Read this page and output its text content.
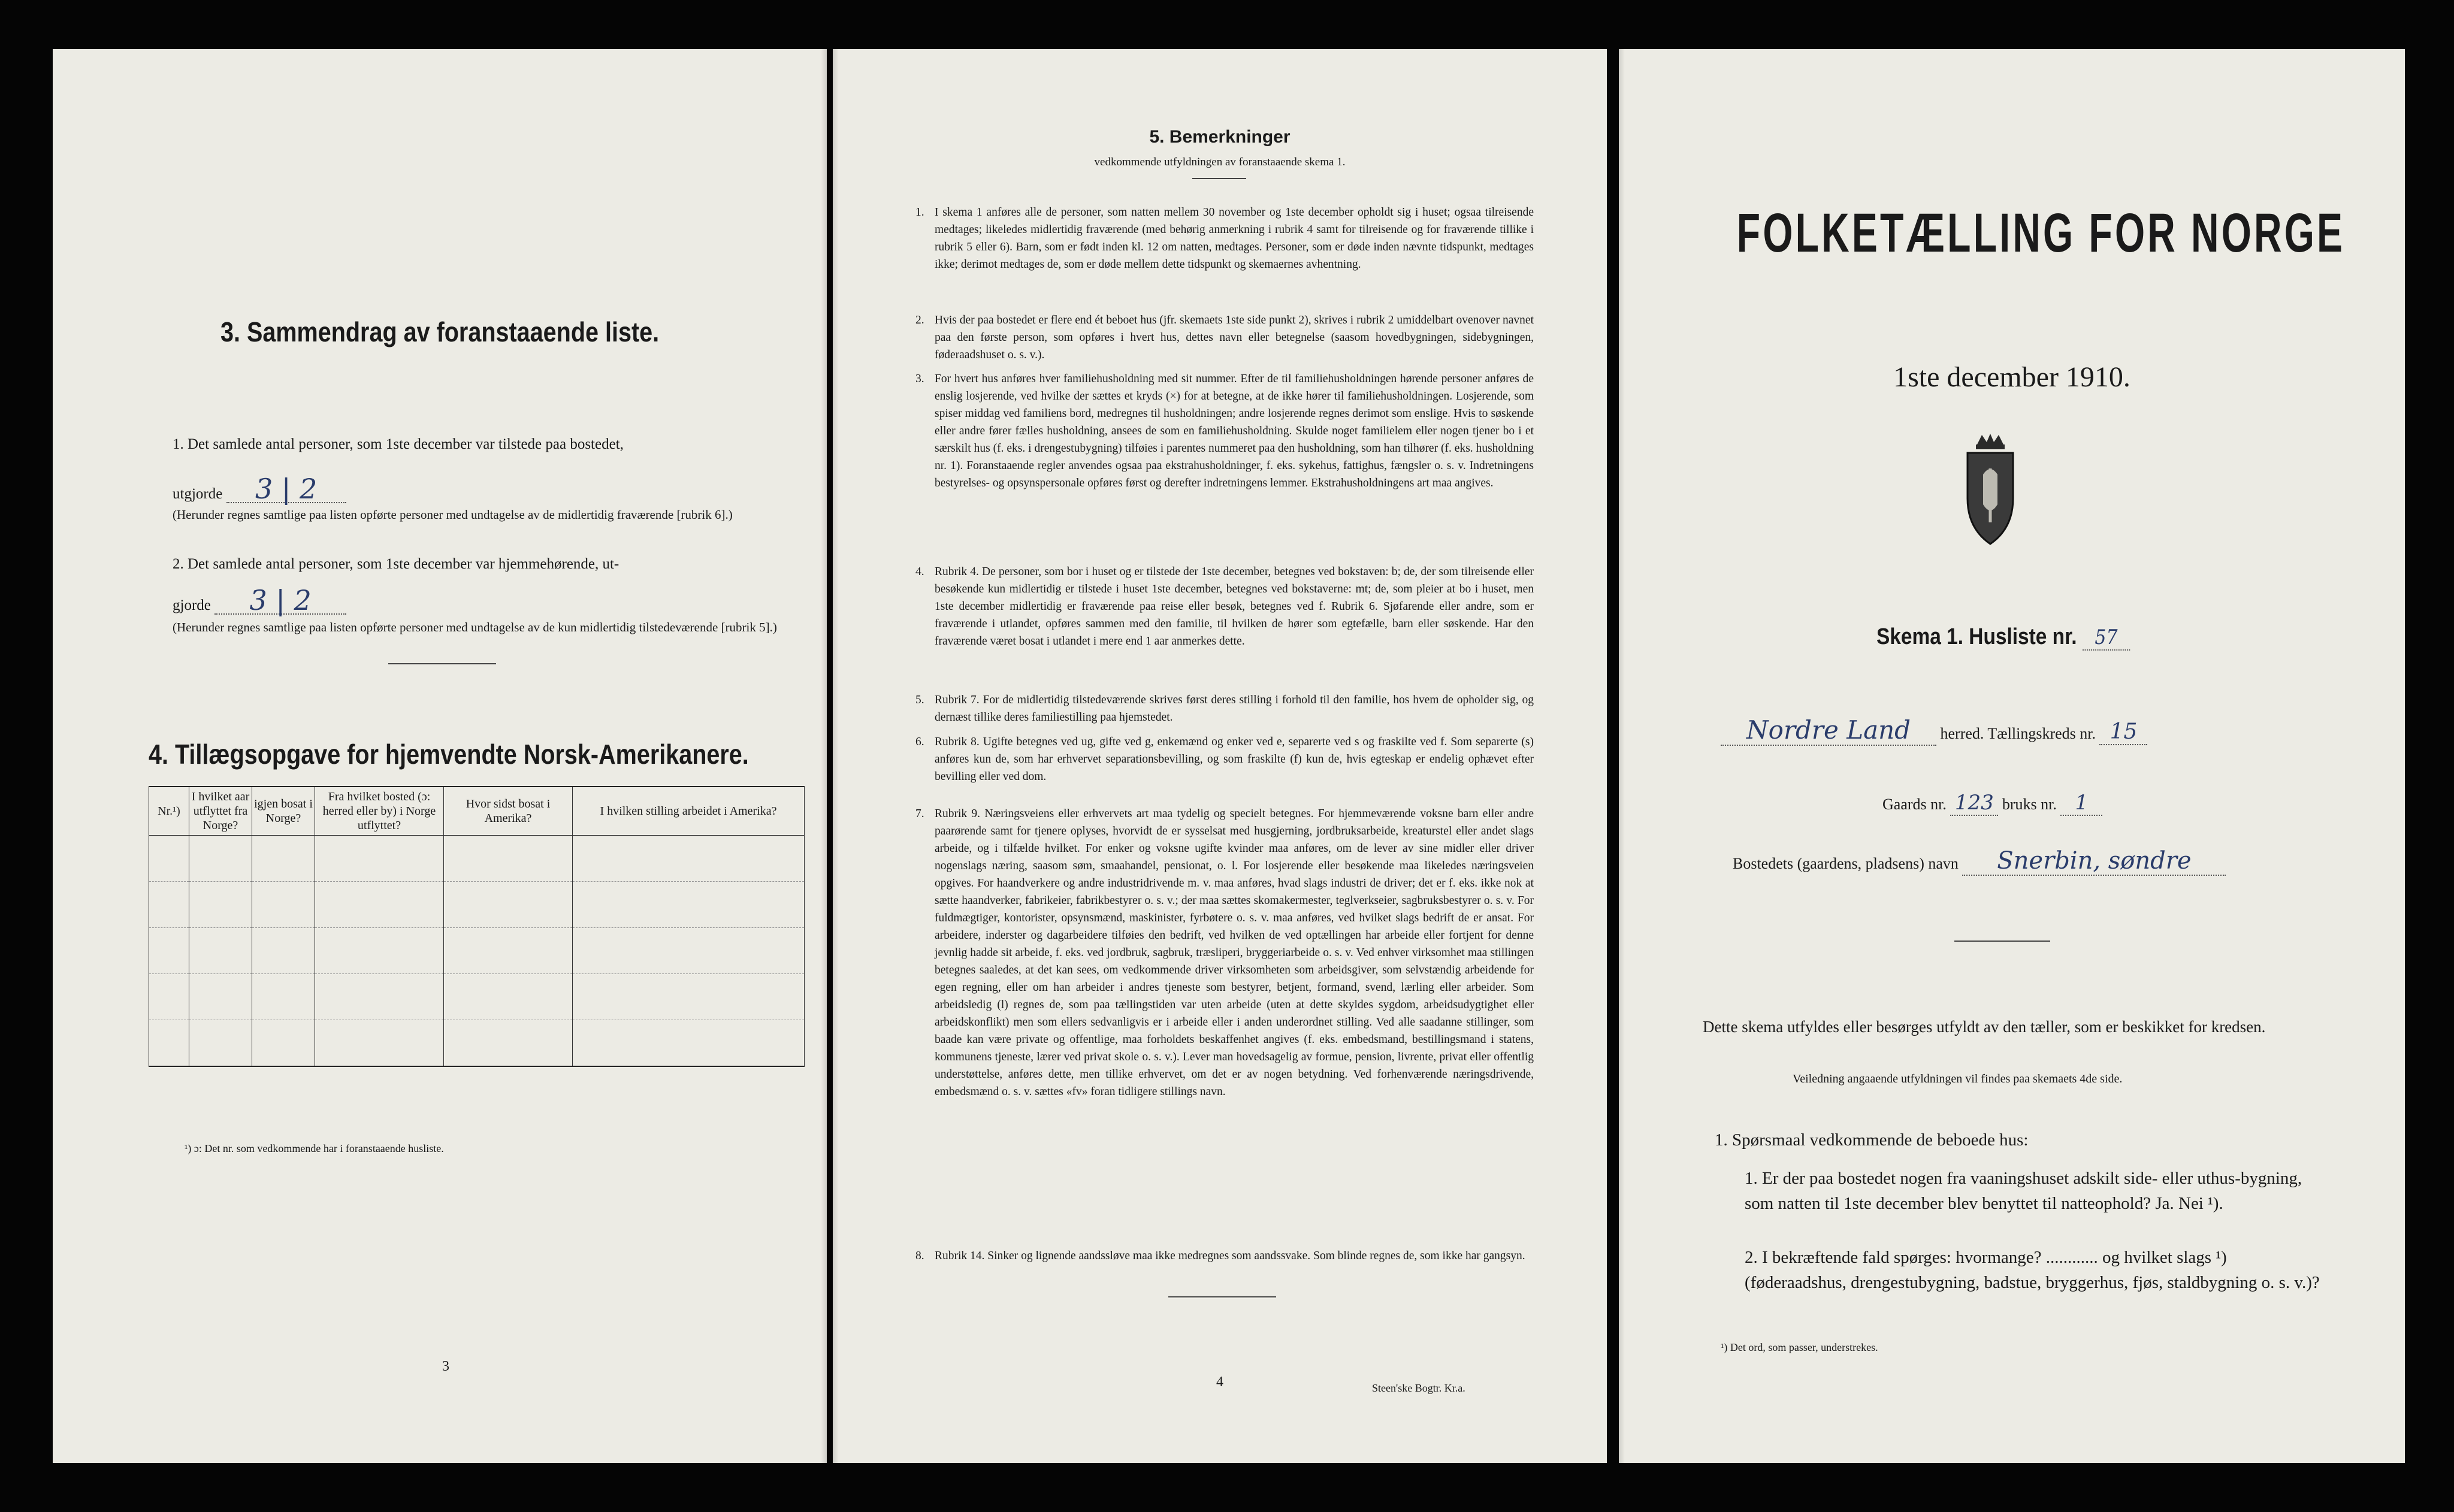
3. Sammendrag av foranstaaende liste.
1. Det samlede antal personer, som 1ste december var tilstede paa bostedet,
utgjorde 3 | 2
(Herunder regnes samtlige paa listen opførte personer med undtagelse av de midlertidig fraværende [rubrik 6].)
2. Det samlede antal personer, som 1ste december var hjemmehørende, ut-
gjorde 3 | 2
(Herunder regnes samtlige paa listen opførte personer med undtagelse av de kun midlertidig tilstedeværende [rubrik 5].)
4. Tillægsopgave for hjemvendte Norsk-Amerikanere.
Nr.¹)	I hvilket aar utflyttet fra Norge?	igjen bosat i Norge?	Fra hvilket bosted (ɔ: herred eller by) i Norge utflyttet?	Hvor sidst bosat i Amerika?	I hvilken stilling arbeidet i Amerika?

¹) ɔ: Det nr. som vedkommende har i foranstaaende husliste.
3
5. Bemerkninger
vedkommende utfyldningen av foranstaaende skema 1.
1. I skema 1 anføres alle de personer, som natten mellem 30 november og 1ste december opholdt sig i huset; ogsaa tilreisende medtages; likeledes midlertidig fraværende (med behørig anmerkning i rubrik 4 samt for tilreisende og for fraværende tillike i rubrik 5 eller 6). Barn, som er født inden kl. 12 om natten, medtages. Personer, som er døde inden nævnte tidspunkt, medtages ikke; derimot medtages de, som er døde mellem dette tidspunkt og skemaernes avhentning.
2. Hvis der paa bostedet er flere end ét beboet hus (jfr. skemaets 1ste side punkt 2), skrives i rubrik 2 umiddelbart ovenover navnet paa den første person, som opføres i hvert hus, dettes navn eller betegnelse (saasom hovedbygningen, sidebygningen, føderaadshuset o. s. v.).
3. For hvert hus anføres hver familiehusholdning med sit nummer. Efter de til familiehusholdningen hørende personer anføres de enslig losjerende, ved hvilke der sættes et kryds (×) for at betegne, at de ikke hører til familiehusholdningen. Losjerende, som spiser middag ved familiens bord, medregnes til husholdningen; andre losjerende regnes derimot som enslige. Hvis to søskende eller andre fører fælles husholdning, ansees de som en familiehusholdning. Skulde noget familielem eller nogen tjener bo i et særskilt hus (f. eks. i drengestubygning) tilføies i parentes nummeret paa den husholdning, som han tilhører (f. eks. husholdning nr. 1). Foranstaaende regler anvendes ogsaa paa ekstrahusholdninger, f. eks. sykehus, fattighus, fængsler o. s. v. Indretningens bestyrelses- og opsynspersonale opføres først og derefter indretningens lemmer. Ekstrahusholdningens art maa angives.
4. Rubrik 4. De personer, som bor i huset og er tilstede der 1ste december, betegnes ved bokstaven: b; de, der som tilreisende eller besøkende kun midlertidig er tilstede i huset 1ste december, betegnes ved bokstaverne: mt; de, som pleier at bo i huset, men 1ste december midlertidig er fraværende paa reise eller besøk, betegnes ved f. Rubrik 6. Sjøfarende eller andre, som er fraværende i utlandet, opføres sammen med den familie, til hvilken de hører som egtefælle, barn eller søskende. Har den fraværende været bosat i utlandet i mere end 1 aar anmerkes dette.
5. Rubrik 7. For de midlertidig tilstedeværende skrives først deres stilling i forhold til den familie, hos hvem de opholder sig, og dernæst tillike deres familiestilling paa hjemstedet.
6. Rubrik 8. Ugifte betegnes ved ug, gifte ved g, enkemænd og enker ved e, separerte ved s og fraskilte ved f. Som separerte (s) anføres kun de, som har erhvervet separationsbevilling, og som fraskilte (f) kun de, hvis egteskap er endelig ophævet efter bevilling eller ved dom.
7. Rubrik 9. Næringsveiens eller erhvervets art maa tydelig og specielt betegnes. For hjemmeværende voksne barn eller andre paarørende samt for tjenere oplyses, hvorvidt de er sysselsat med husgjerning, jordbruksarbeide, kreaturstel eller andet slags arbeide, og i tilfælde hvilket. For enker og voksne ugifte kvinder maa anføres, om de lever av sine midler eller driver nogenslags næring, saasom søm, smaahandel, pensionat, o. l. For losjerende eller besøkende maa likeledes næringsveien opgives. For haandverkere og andre industridrivende m. v. maa anføres, hvad slags industri de driver; det er f. eks. ikke nok at sætte haandverker, fabrikeier, fabrikbestyrer o. s. v.; der maa sættes skomakermester, teglverkseier, sagbruksbestyrer o. s. v. For fuldmægtiger, kontorister, opsynsmænd, maskinister, fyrbøtere o. s. v. maa anføres, ved hvilket slags bedrift de er ansat. For arbeidere, inderster og dagarbeidere tilføies den bedrift, ved hvilken de ved optællingen har arbeide eller fortjent for denne jevnlig hadde sit arbeide, f. eks. ved jordbruk, sagbruk, træsliperi, bryggeriarbeide o. s. v. Ved enhver virksomhet maa stillingen betegnes saaledes, at det kan sees, om vedkommende driver virksomheten som arbeidsgiver, som selvstændig arbeidende for egen regning, eller om han arbeider i andres tjeneste som bestyrer, betjent, formand, svend, lærling eller arbeider. Som arbeidsledig (l) regnes de, som paa tællingstiden var uten arbeide (uten at dette skyldes sygdom, arbeidsudygtighet eller arbeidskonflikt) men som ellers sedvanligvis er i arbeide eller i anden underordnet stilling. Ved alle saadanne stillinger, som baade kan være private og offentlige, maa forholdets beskaffenhet angives (f. eks. embedsmand, bestillingsmand i statens, kommunens tjeneste, lærer ved privat skole o. s. v.). Lever man hovedsagelig av formue, pension, livrente, privat eller offentlig understøttelse, anføres dette, men tillike erhvervet, om det er av nogen betydning. Ved forhenværende næringsdrivende, embedsmænd o. s. v. sættes «fv» foran tidligere stillings navn.
8. Rubrik 14. Sinker og lignende aandssløve maa ikke medregnes som aandssvake. Som blinde regnes de, som ikke har gangsyn.
4	Steen'ske Bogtr. Kr.a.
FOLKETÆLLING FOR NORGE
1ste december 1910.
Skema 1. Husliste nr. 57
Nordre Land herred. Tællingskreds nr. 15
Gaards nr. 123 bruks nr. 1
Bostedets (gaardens, pladsens) navn Snerbin, søndre
Dette skema utfyldes eller besørges utfyldt av den tæller, som er beskikket for kredsen.
Veiledning angaaende utfyldningen vil findes paa skemaets 4de side.
1. Spørsmaal vedkommende de beboede hus:
1. Er der paa bostedet nogen fra vaaningshuset adskilt side- eller uthus-bygning, som natten til 1ste december blev benyttet til natteophold? Ja. Nei ¹).
2. I bekræftende fald spørges: hvormange? ............ og hvilket slags ¹) (føderaadshus, drengestubygning, badstue, bryggerhus, fjøs, staldbygning o. s. v.)?
¹) Det ord, som passer, understrekes.
